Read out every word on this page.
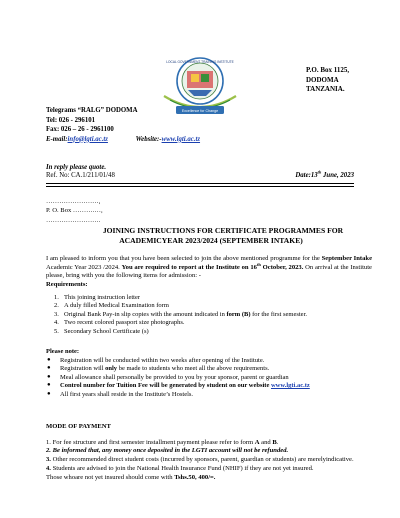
LOCAL GOVERNMENT TRAINING INSTITUTE
Excellence for Change
P.O. Box 1125,
DODOMA
TANZANIA.
Telegrams “RALG” DODOMA
Tel: 026 - 296101
Fax: 026 – 26 - 2961100
E-mail:info@lgti.ac.tz	Website:-www.lgti.ac.tz
In reply please quote.
Ref. No: CA.1/211/01/48	Date:13th June, 2023
……………………,
P. O. Box ……….…,
…………………….
JOINING INSTRUCTIONS FOR CERTIFICATE PROGRAMMES FOR
ACADEMICYEAR 2023/2024 (SEPTEMBER INTAKE)
I am pleased to inform you that you have been selected to join the above mentioned programme for the September Intake Academic Year 2023 /2024. You are required to report at the Institute on 16th October, 2023. On arrival at the Institute please, bring with you the following items for admission: -
Requirements:
1. This joining instruction letter
2. A duly filled Medical Examination form
3. Original Bank Pay-in slip copies with the amount indicated in form (B) for the first semester.
4. Two recent colored passport size photographs.
5. Secondary School Certificate (s)
Please note:
● Registration will be conducted within two weeks after opening of the Institute.
● Registration will only be made to students who meet all the above requirements.
● Meal allowance shall personally be provided to you by your sponsor, parent or guardian
● Control number for Tuition Fee will be generated by student on our website www.lgti.ac.tz
● All first years shall reside in the Institute’s Hostels.

MODE OF PAYMENT

1. For fee structure and first semester installment payment please refer to form A and B.

2. Be informed that, any money once deposited in the LGTI account will not be refunded.

3. Other recommended direct student costs (incurred by sponsors, parent, guardian or students) are merelyindicative.

4. Students are advised to join the National Health Insurance Fund (NHIF) if they are not yet insured.

Those whoare not yet insured should come with Tshs.50, 400/=.
